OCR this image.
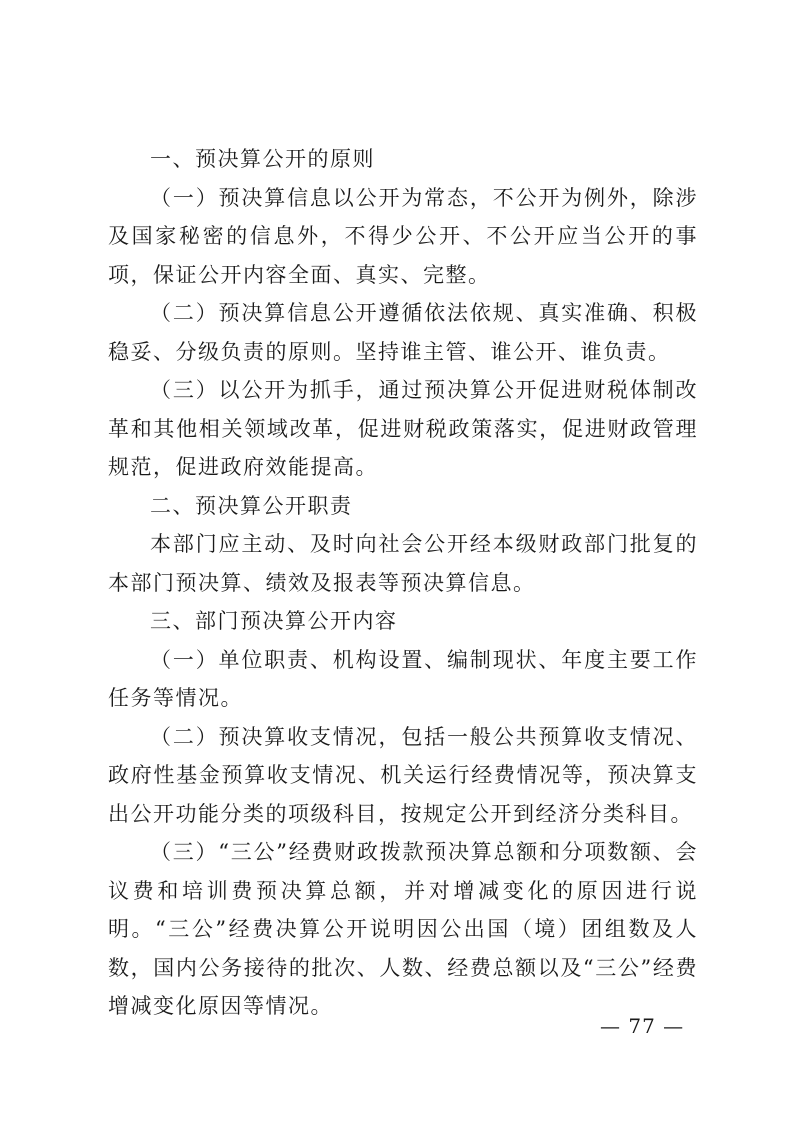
一、预决算公开的原则

（一）预决算信息以公开为常态，不公开为例外，除涉及国家秘密的信息外，不得少公开、不公开应当公开的事项，保证公开内容全面、真实、完整。

（二）预决算信息公开遵循依法依规、真实准确、积极稳妥、分级负责的原则。坚持谁主管、谁公开、谁负责。

（三）以公开为抓手，通过预决算公开促进财税体制改革和其他相关领域改革，促进财税政策落实，促进财政管理规范，促进政府效能提高。

二、预决算公开职责

本部门应主动、及时向社会公开经本级财政部门批复的本部门预决算、绩效及报表等预决算信息。

三、部门预决算公开内容

（一）单位职责、机构设置、编制现状、年度主要工作任务等情况。

（二）预决算收支情况，包括一般公共预算收支情况、政府性基金预算收支情况、机关运行经费情况等，预决算支出公开功能分类的项级科目，按规定公开到经济分类科目。

（三）“三公”经费财政拨款预决算总额和分项数额、会议费和培训费预决算总额，并对增减变化的原因进行说明。“三公”经费决算公开说明因公出国（境）团组数及人数，国内公务接待的批次、人数、经费总额以及“三公”经费增减变化原因等情况。

— 77 —
